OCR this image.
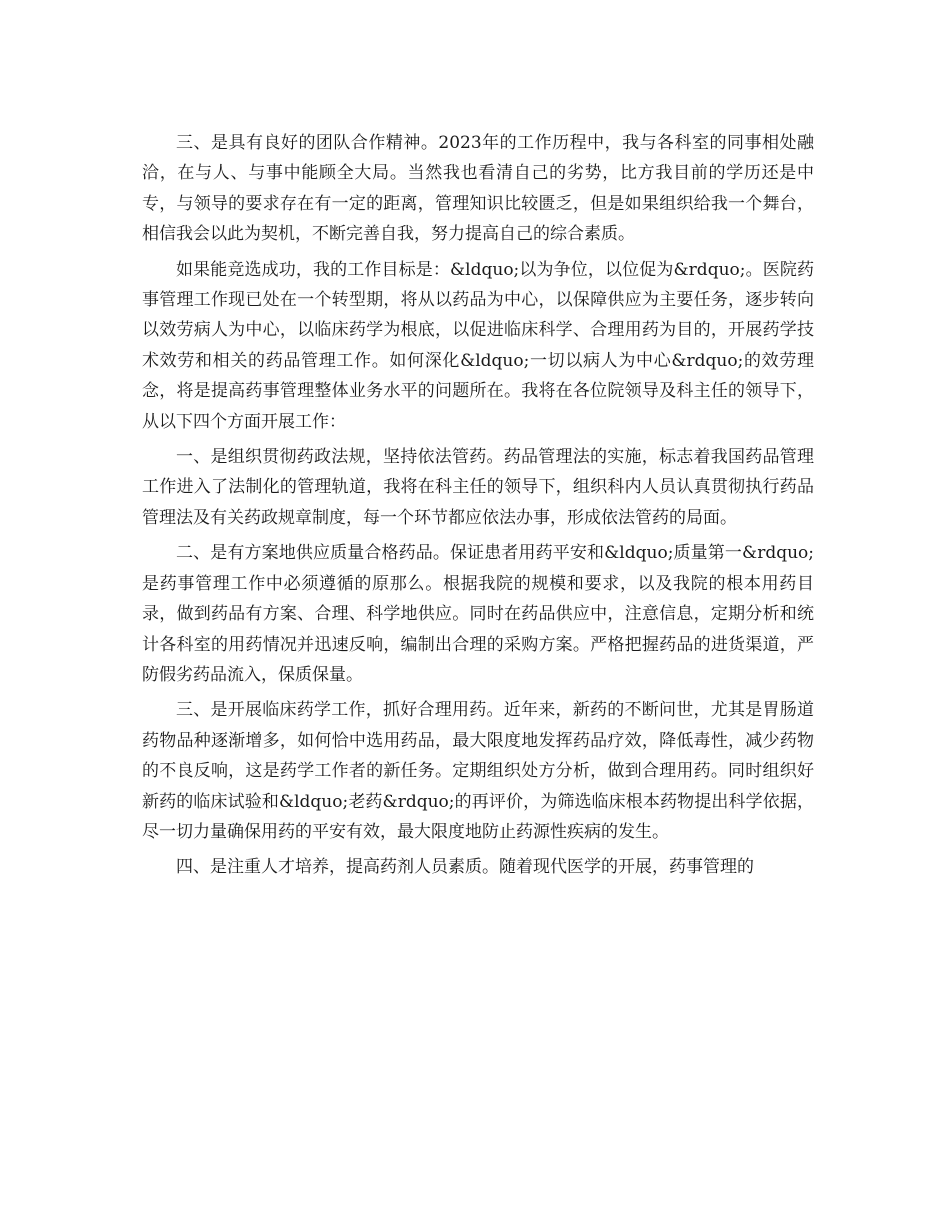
三、是具有良好的团队合作精神。2023年的工作历程中，我与各科室的同事相处融洽，在与人、与事中能顾全大局。当然我也看清自己的劣势，比方我目前的学历还是中专，与领导的要求存在有一定的距离，管理知识比较匮乏，但是如果组织给我一个舞台，相信我会以此为契机，不断完善自我，努力提高自己的综合素质。

如果能竞选成功，我的工作目标是：&ldquo;以为争位，以位促为&rdquo;。医院药事管理工作现已处在一个转型期，将从以药品为中心，以保障供应为主要任务，逐步转向以效劳病人为中心，以临床药学为根底，以促进临床科学、合理用药为目的，开展药学技术效劳和相关的药品管理工作。如何深化&ldquo;一切以病人为中心&rdquo;的效劳理念，将是提高药事管理整体业务水平的问题所在。我将在各位院领导及科主任的领导下， 从以下四个方面开展工作：

一、是组织贯彻药政法规，坚持依法管药。药品管理法的实施，标志着我国药品管理工作进入了法制化的管理轨道，我将在科主任的领导下，组织科内人员认真贯彻执行药品管理法及有关药政规章制度，每一个环节都应依法办事，形成依法管药的局面。

二、是有方案地供应质量合格药品。保证患者用药平安和&ldquo;质量第一&rdquo;是药事管理工作中必须遵循的原那么。根据我院的规模和要求，以及我院的根本用药目录，做到药品有方案、合理、科学地供应。同时在药品供应中，注意信息，定期分析和统计各科室的用药情况并迅速反响，编制出合理的采购方案。严格把握药品的进货渠道，严防假劣药品流入，保质保量。

三、是开展临床药学工作，抓好合理用药。近年来，新药的不断问世，尤其是胃肠道药物品种逐渐增多，如何恰中选用药品，最大限度地发挥药品疗效，降低毒性，减少药物的不良反响，这是药学工作者的新任务。定期组织处方分析，做到合理用药。同时组织好新药的临床试验和&ldquo;老药&rdquo;的再评价，为筛选临床根本药物提出科学依据，尽一切力量确保用药的平安有效，最大限度地防止药源性疾病的发生。

四、是注重人才培养，提高药剂人员素质。随着现代医学的开展，药事管理的
